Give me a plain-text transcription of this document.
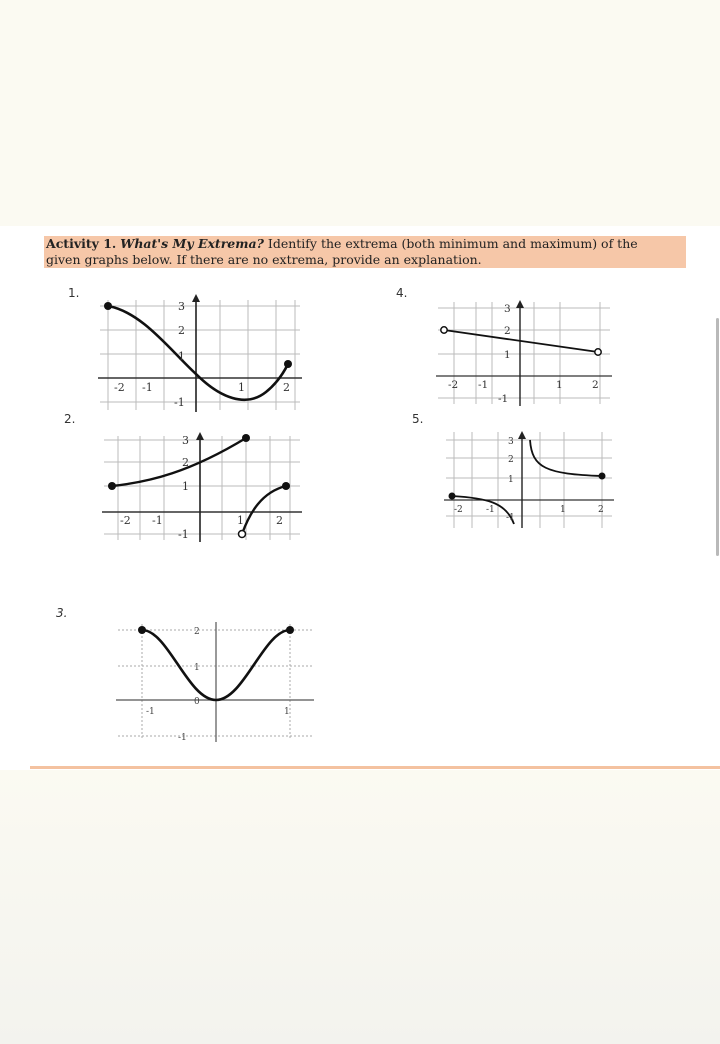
Activity 1. What's My Extrema? Identify the extrema (both minimum and maximum) of the
given graphs below. If there are no extrema, provide an explanation.
1.
2.
3.
4.
5.
-2 -1	1	2
3
2
1
-1
-2 -1	1	2
3
2
1
-1
-1	1
2
1
0
-1
-2 -1	1	2
3
2
1
-1
-2	-1	1	2
3
2
1
-1
